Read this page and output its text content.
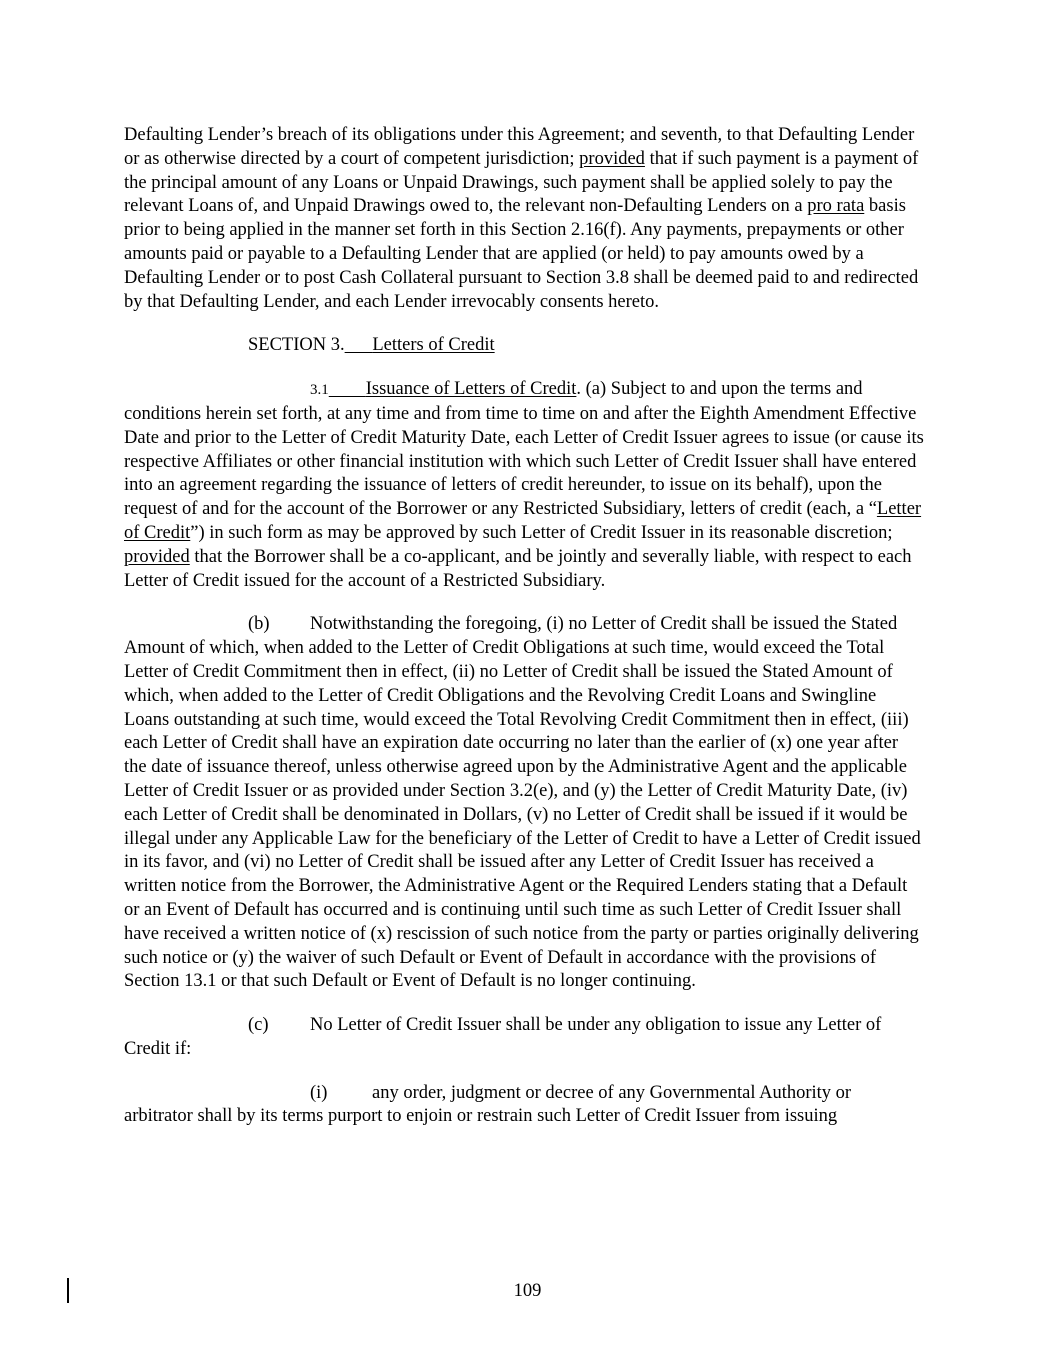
Defaulting Lender’s breach of its obligations under this Agreement; and seventh, to that Defaulting Lender or as otherwise directed by a court of competent jurisdiction; provided that if such payment is a payment of the principal amount of any Loans or Unpaid Drawings, such payment shall be applied solely to pay the relevant Loans of, and Unpaid Drawings owed to, the relevant non-Defaulting Lenders on a pro rata basis prior to being applied in the manner set forth in this Section 2.16(f). Any payments, prepayments or other amounts paid or payable to a Defaulting Lender that are applied (or held) to pay amounts owed by a Defaulting Lender or to post Cash Collateral pursuant to Section 3.8 shall be deemed paid to and redirected by that Defaulting Lender, and each Lender irrevocably consents hereto.

SECTION 3. Letters of Credit

3.1 Issuance of Letters of Credit. (a) Subject to and upon the terms and conditions herein set forth, at any time and from time to time on and after the Eighth Amendment Effective Date and prior to the Letter of Credit Maturity Date, each Letter of Credit Issuer agrees to issue (or cause its respective Affiliates or other financial institution with which such Letter of Credit Issuer shall have entered into an agreement regarding the issuance of letters of credit hereunder, to issue on its behalf), upon the request of and for the account of the Borrower or any Restricted Subsidiary, letters of credit (each, a “Letter of Credit”) in such form as may be approved by such Letter of Credit Issuer in its reasonable discretion; provided that the Borrower shall be a co-applicant, and be jointly and severally liable, with respect to each Letter of Credit issued for the account of a Restricted Subsidiary.

(b) Notwithstanding the foregoing, (i) no Letter of Credit shall be issued the Stated Amount of which, when added to the Letter of Credit Obligations at such time, would exceed the Total Letter of Credit Commitment then in effect, (ii) no Letter of Credit shall be issued the Stated Amount of which, when added to the Letter of Credit Obligations and the Revolving Credit Loans and Swingline Loans outstanding at such time, would exceed the Total Revolving Credit Commitment then in effect, (iii) each Letter of Credit shall have an expiration date occurring no later than the earlier of (x) one year after the date of issuance thereof, unless otherwise agreed upon by the Administrative Agent and the applicable Letter of Credit Issuer or as provided under Section 3.2(e), and (y) the Letter of Credit Maturity Date, (iv) each Letter of Credit shall be denominated in Dollars, (v) no Letter of Credit shall be issued if it would be illegal under any Applicable Law for the beneficiary of the Letter of Credit to have a Letter of Credit issued in its favor, and (vi) no Letter of Credit shall be issued after any Letter of Credit Issuer has received a written notice from the Borrower, the Administrative Agent or the Required Lenders stating that a Default or an Event of Default has occurred and is continuing until such time as such Letter of Credit Issuer shall have received a written notice of (x) rescission of such notice from the party or parties originally delivering such notice or (y) the waiver of such Default or Event of Default in accordance with the provisions of Section 13.1 or that such Default or Event of Default is no longer continuing.

(c) No Letter of Credit Issuer shall be under any obligation to issue any Letter of Credit if:

(i) any order, judgment or decree of any Governmental Authority or arbitrator shall by its terms purport to enjoin or restrain such Letter of Credit Issuer from issuing

109
